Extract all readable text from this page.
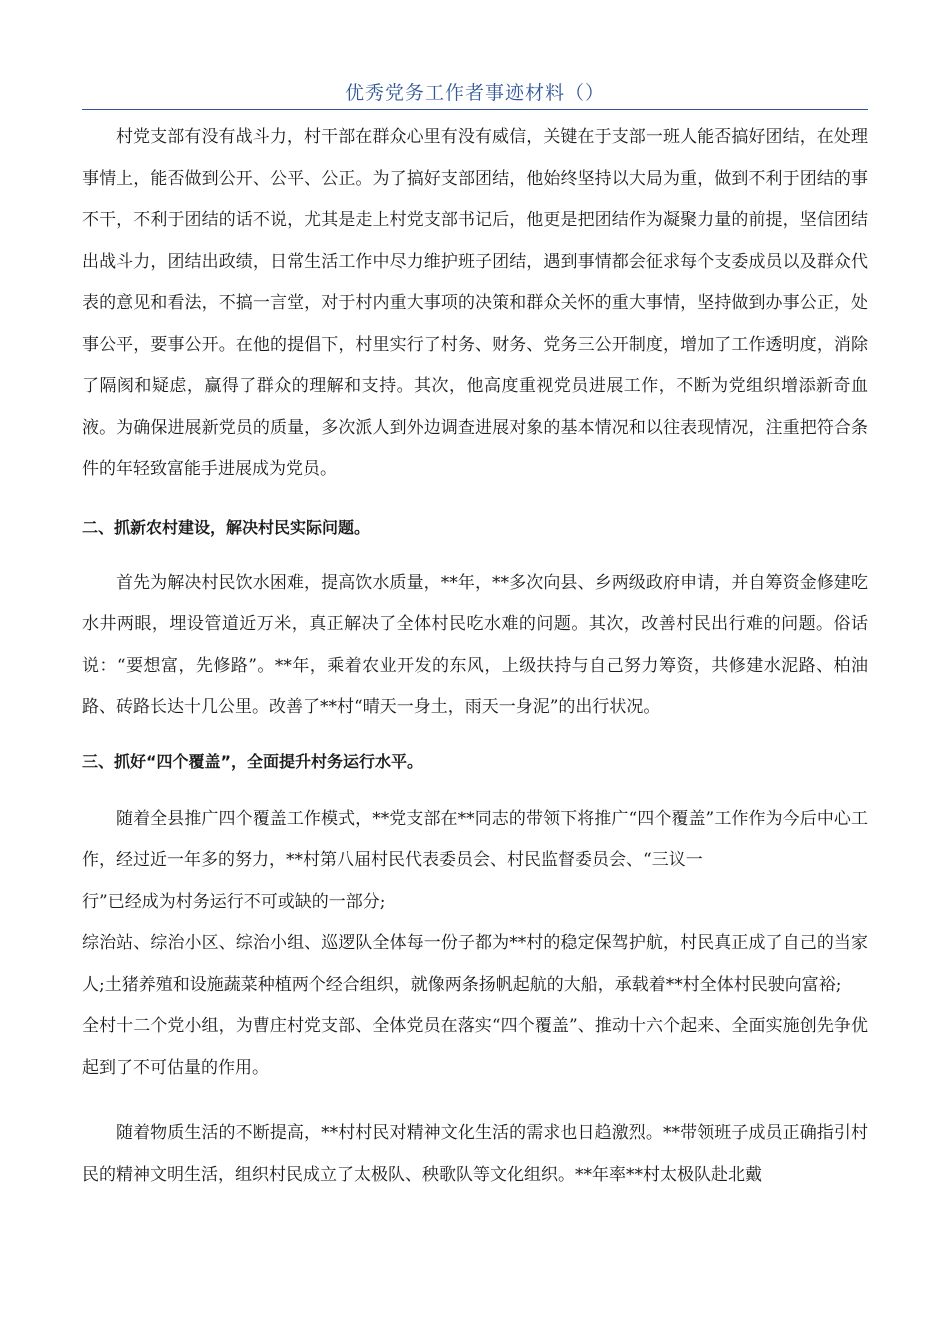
优秀党务工作者事迹材料（）

村党支部有没有战斗力，村干部在群众心里有没有威信，关键在于支部一班人能否搞好团结，在处理事情上，能否做到公开、公平、公正。为了搞好支部团结，他始终坚持以大局为重，做到不利于团结的事不干，不利于团结的话不说，尤其是走上村党支部书记后，他更是把团结作为凝聚力量的前提，坚信团结出战斗力，团结出政绩，日常生活工作中尽力维护班子团结，遇到事情都会征求每个支委成员以及群众代表的意见和看法，不搞一言堂，对于村内重大事项的决策和群众关怀的重大事情，坚持做到办事公正，处事公平，要事公开。在他的提倡下，村里实行了村务、财务、党务三公开制度，增加了工作透明度，消除了隔阂和疑虑，赢得了群众的理解和支持。其次，他高度重视党员进展工作，不断为党组织增添新奇血液。为确保进展新党员的质量，多次派人到外边调查进展对象的基本情况和以往表现情况，注重把符合条件的年轻致富能手进展成为党员。

二、抓新农村建设，解决村民实际问题。

首先为解决村民饮水困难，提高饮水质量，**年，**多次向县、乡两级政府申请，并自筹资金修建吃水井两眼，埋设管道近万米，真正解决了全体村民吃水难的问题。其次，改善村民出行难的问题。俗话说：“要想富，先修路”。**年，乘着农业开发的东风，上级扶持与自己努力筹资，共修建水泥路、柏油路、砖路长达十几公里。改善了**村“晴天一身土，雨天一身泥”的出行状况。

三、抓好“四个覆盖”，全面提升村务运行水平。

随着全县推广四个覆盖工作模式，**党支部在**同志的带领下将推广“四个覆盖”工作作为今后中心工作，经过近一年多的努力，**村第八届村民代表委员会、村民监督委员会、“三议一

行”已经成为村务运行不可或缺的一部分;

综治站、综治小区、综治小组、巡逻队全体每一份子都为**村的稳定保驾护航，村民真正成了自己的当家人;土猪养殖和设施蔬菜种植两个经合组织，就像两条扬帆起航的大船，承载着**村全体村民驶向富裕;

全村十二个党小组，为曹庄村党支部、全体党员在落实“四个覆盖”、推动十六个起来、全面实施创先争优起到了不可估量的作用。

随着物质生活的不断提高，**村村民对精神文化生活的需求也日趋激烈。**带领班子成员正确指引村民的精神文明生活，组织村民成立了太极队、秧歌队等文化组织。**年率**村太极队赴北戴
